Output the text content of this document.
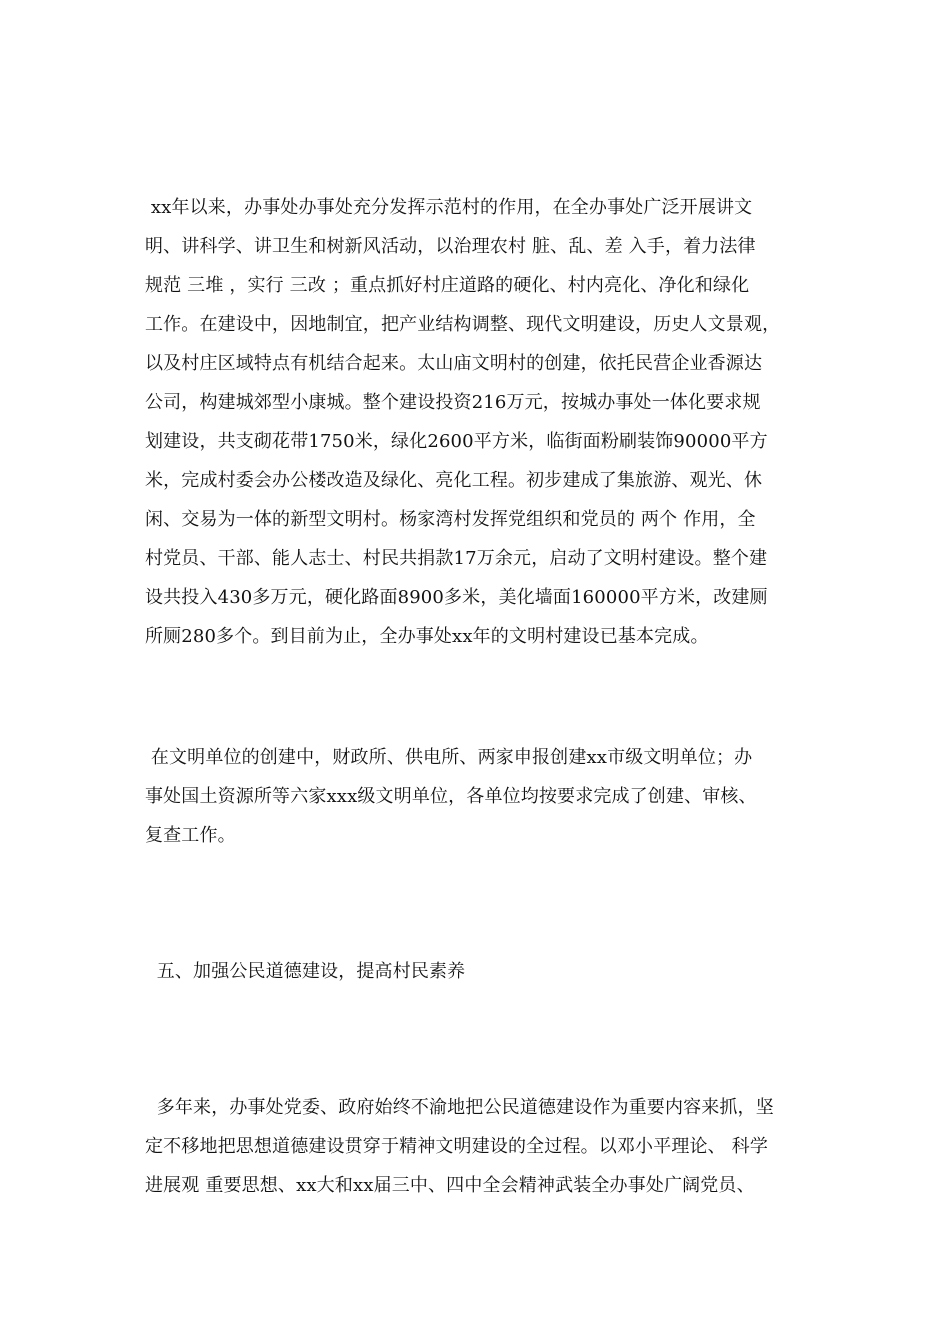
xx年以来，办事处办事处充分发挥示范村的作用，在全办事处广泛开展讲文
明、讲科学、讲卫生和树新风活动，以治理农村 脏、乱、差 入手，着力法律
规范 三堆 ，实行 三改 ；重点抓好村庄道路的硬化、村内亮化、净化和绿化
工作。在建设中，因地制宜，把产业结构调整、现代文明建设，历史人文景观，
以及村庄区域特点有机结合起来。太山庙文明村的创建，依托民营企业香源达
公司，构建城郊型小康城。整个建设投资216万元，按城办事处一体化要求规
划建设，共支砌花带1750米，绿化2600平方米，临街面粉刷装饰90000平方
米，完成村委会办公楼改造及绿化、亮化工程。初步建成了集旅游、观光、休
闲、交易为一体的新型文明村。杨家湾村发挥党组织和党员的 两个 作用，全
村党员、干部、能人志士、村民共捐款17万余元，启动了文明村建设。整个建
设共投入430多万元，硬化路面8900多米，美化墙面160000平方米，改建厕
所厕280多个。到目前为止，全办事处xx年的文明村建设已基本完成。
在文明单位的创建中，财政所、供电所、两家申报创建xx市级文明单位；办
事处国土资源所等六家xxx级文明单位，各单位均按要求完成了创建、审核、
复查工作。
五、加强公民道德建设，提高村民素养
多年来，办事处党委、政府始终不渝地把公民道德建设作为重要内容来抓，坚
定不移地把思想道德建设贯穿于精神文明建设的全过程。以邓小平理论、 科学
进展观 重要思想、xx大和xx届三中、四中全会精神武装全办事处广阔党员、
